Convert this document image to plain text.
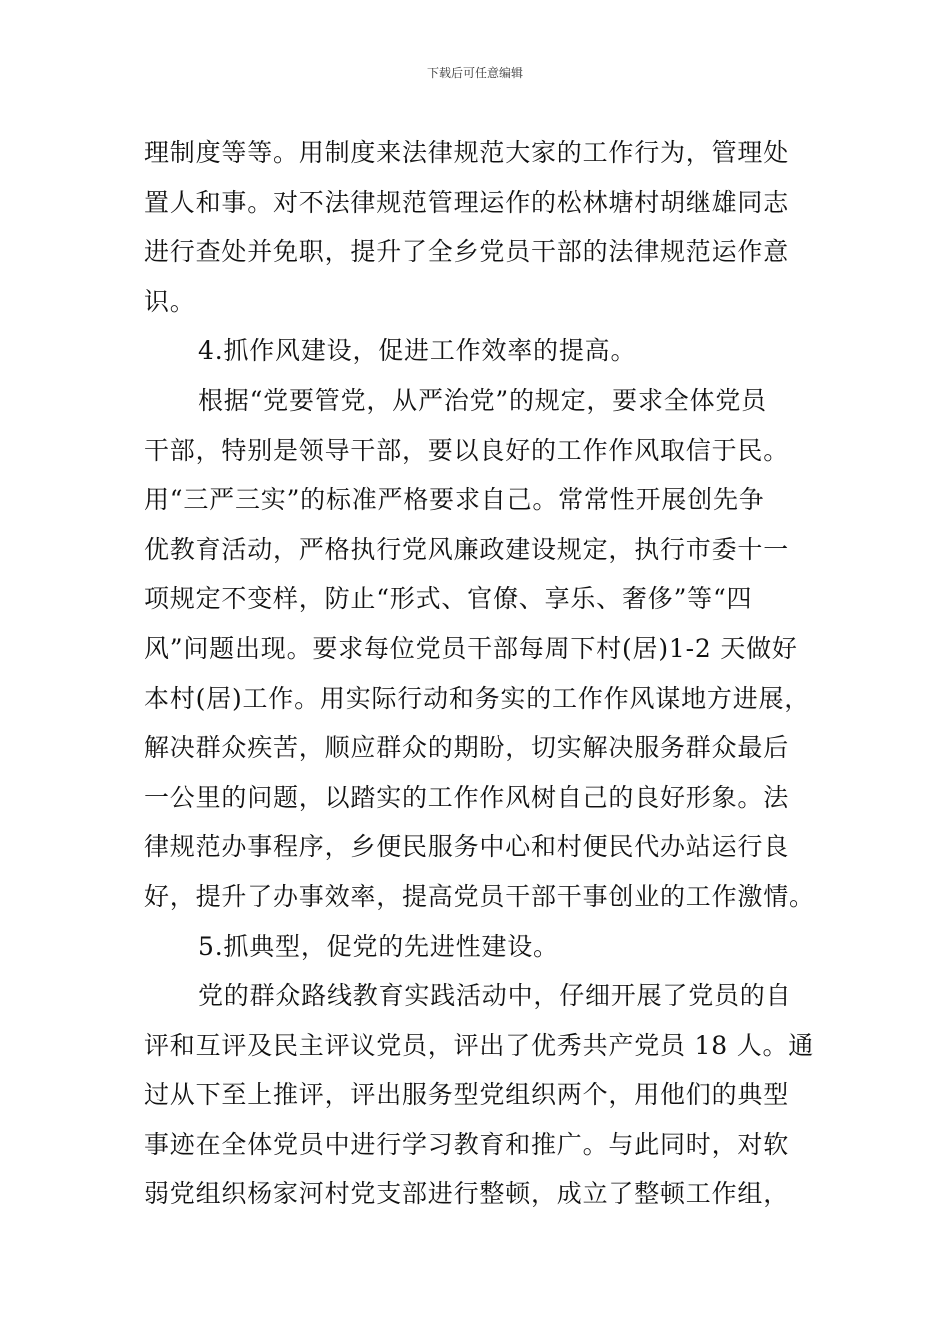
下载后可任意编辑
理制度等等。用制度来法律规范大家的工作行为，管理处
置人和事。对不法律规范管理运作的松林塘村胡继雄同志
进行查处并免职，提升了全乡党员干部的法律规范运作意
识。
4.抓作风建设，促进工作效率的提高。
根据“党要管党，从严治党”的规定，要求全体党员
干部，特别是领导干部，要以良好的工作作风取信于民。
用“三严三实”的标准严格要求自己。常常性开展创先争
优教育活动，严格执行党风廉政建设规定，执行市委十一
项规定不变样，防止“形式、官僚、享乐、奢侈”等“四
风”问题出现。要求每位党员干部每周下村(居)1-2 天做好
本村(居)工作。用实际行动和务实的工作作风谋地方进展，
解决群众疾苦，顺应群众的期盼，切实解决服务群众最后
一公里的问题，以踏实的工作作风树自己的良好形象。法
律规范办事程序，乡便民服务中心和村便民代办站运行良
好，提升了办事效率，提高党员干部干事创业的工作激情。
5.抓典型，促党的先进性建设。
党的群众路线教育实践活动中，仔细开展了党员的自
评和互评及民主评议党员，评出了优秀共产党员 18 人。通
过从下至上推评，评出服务型党组织两个，用他们的典型
事迹在全体党员中进行学习教育和推广。与此同时，对软
弱党组织杨家河村党支部进行整顿，成立了整顿工作组，
